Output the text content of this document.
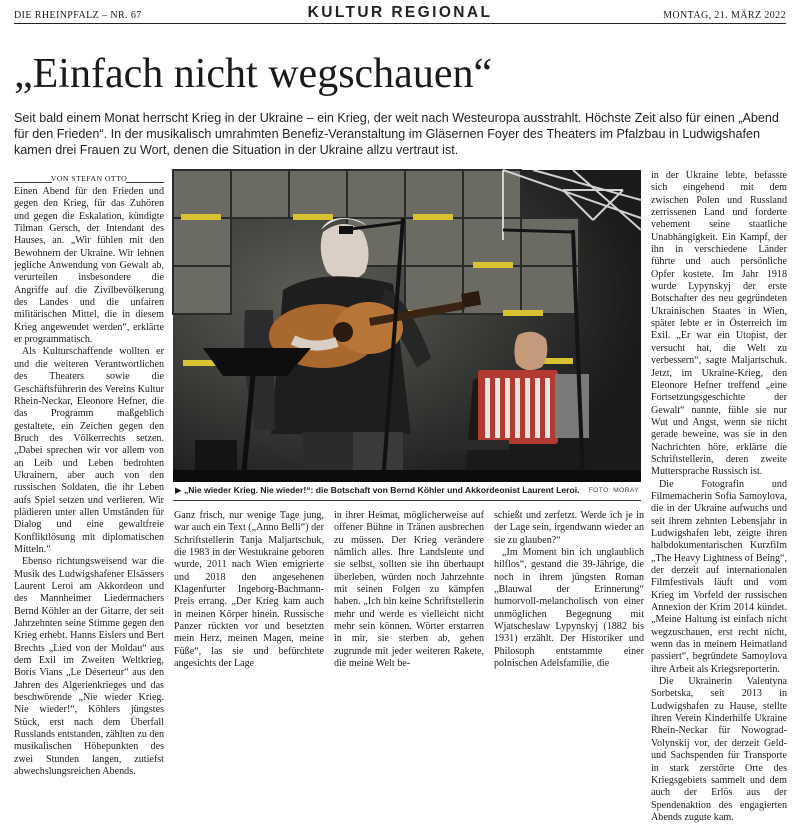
DIE RHEINPFALZ – NR. 67	KULTUR REGIONAL	MONTAG, 21. MÄRZ 2022
„Einfach nicht wegschauen“

Seit bald einem Monat herrscht Krieg in der Ukraine – ein Krieg, der weit nach Westeuropa ausstrahlt. Höchste Zeit also für einen „Abend für den Frieden“. In der musikalisch umrahmten Benefiz-Veranstaltung im Gläsernen Foyer des Theaters im Pfalzbau in Ludwigshafen kamen drei Frauen zu Wort, denen die Situation in der Ukraine allzu vertraut ist.

VON STEFAN OTTO

Einen Abend für den Frieden und gegen den Krieg, für das Zuhören und gegen die Eskalation, kündigte Tilman Gersch, der Intendant des Hauses, an. „Wir fühlen mit den Bewohnern der Ukraine. Wir lehnen jegliche Anwendung von Gewalt ab, verurteilen insbesondere die Angriffe auf die Zivilbevölkerung des Landes und die unfairen militärischen Mittel, die in diesem Krieg angewendet werden“, erklärte er programmatisch.

Als Kulturschaffende wollten er und die weiteren Verantwortlichen des Theaters sowie die Geschäftsführerin des Vereins Kultur Rhein-Neckar, Eleonore Hefner, die das Programm maßgeblich gestaltete, ein Zeichen gegen den Bruch des Völkerrechts setzen. „Dabei sprechen wir vor allem von an Leib und Leben bedrohten Ukrainern, aber auch von den russischen Soldaten, die ihr Leben aufs Spiel setzen und verlieren. Wir plädieren unter allen Umständen für Dialog und eine gewaltfreie Konfliktlösung mit diplomatischen Mitteln.“

Ebenso richtungsweisend war die Musik des Ludwigshafener Elsässers Laurent Leroi am Akkordeon und des Mannheimer Liedermachers Bernd Köhler an der Gitarre, der seit Jahrzehnten seine Stimme gegen den Krieg erhebt. Hanns Eislers und Bert Brechts „Lied von der Moldau“ aus dem Exil im Zweiten Weltkrieg, Boris Vians „Le Déserteur“ aus den Jahren des Algerienkrieges und das beschwörende „Nie wieder Krieg. Nie wieder!“, Köhlers jüngstes Stück, erst nach dem Überfall Russlands entstanden, zählten zu den musikalischen Höhepunkten des zwei Stunden langen, zutiefst abwechslungsreichen Abends.

▶ „Nie wieder Krieg. Nie wieder!“: die Botschaft von Bernd Köhler und Akkordeonist Laurent Leroi. FOTO: MORAY

Ganz frisch, nur wenige Tage jung, war auch ein Text („Anno Belli“) der Schriftstellerin Tanja Maljartschuk, die 1983 in der Westukraine geboren wurde, 2011 nach Wien emigrierte und 2018 den angesehenen Klagenfurter Ingeborg-Bachmann-Preis errang. „Der Krieg kam auch in meinen Körper hinein. Russische Panzer rückten vor und besetzten mein Herz, meinen Magen, meine Füße“, las sie und befürchtete angesichts der Lage

in ihrer Heimat, möglicherweise auf offener Bühne in Tränen ausbrechen zu müssen. Der Krieg verändere nämlich alles. Ihre Landsleute und sie selbst, sollten sie ihn überhaupt überleben, würden noch Jahrzehnte mit seinen Folgen zu kämpfen haben. „Ich bin keine Schriftstellerin mehr und werde es vielleicht nicht mehr sein können. Wörter erstarren in mir, sie sterben ab, gehen zugrunde mit jeder weiteren Rakete, die meine Welt be-

schießt und zerfetzt. Werde ich je in der Lage sein, irgendwann wieder an sie zu glauben?“

„Im Moment bin ich unglaublich hilflos“, gestand die 39-Jährige, die noch in ihrem jüngsten Roman „Blauwal der Erinnerung“ humorvoll-melancholisch von einer unmöglichen Begegnung mit Wjatscheslaw Lypynskyj (1882 bis 1931) erzählt. Der Historiker und Philosoph entstammte einer polnischen Adelsfamilie, die

in der Ukraine lebte, befasste sich eingehend mit dem zwischen Polen und Russland zerrissenen Land und forderte vehement seine staatliche Unabhängigkeit. Ein Kampf, der ihn in verschiedene Länder führte und auch persönliche Opfer kostete. Im Jahr 1918 wurde Lypynskyj der erste Botschafter des neu gegründeten Ukrainischen Staates in Wien, später lebte er in Österreich im Exil. „Er war ein Utopist, der versucht hat, die Welt zu verbessern“, sagte Maljartschuk. Jetzt, im Ukraine-Krieg, den Eleonore Hefner treffend „eine Fortsetzungsgeschichte der Gewalt“ nannte, fühle sie nur Wut und Angst, wenn sie nicht gerade beweine, was sie in den Nachrichten höre, erklärte die Schriftstellerin, deren zweite Muttersprache Russisch ist.

Die Fotografin und Filmemacherin Sofia Samoylova, die in der Ukraine aufwuchs und seit ihrem zehnten Lebensjahr in Ludwigshafen lebt, zeigte ihren halbdokumentarischen Kurzfilm „The Heavy Lightness of Being“, der derzeit auf internationalen Filmfestivals läuft und vom Krieg im Vorfeld der russischen Annexion der Krim 2014 kündet. „Meine Haltung ist einfach nicht wegzuschauen, erst recht nicht, wenn das in meinem Heimatland passiert“, begründete Samoylova ihre Arbeit als Kriegsreporterin.

Die Ukrainerin Valentyna Sorbetska, seit 2013 in Ludwigshafen zu Hause, stellte ihren Verein Kinderhilfe Ukraine Rhein-Neckar für Nowograd-Volynskij vor, der derzeit Geld- und Sachspenden für Transporte in stark zerstörte Orte des Kriegsgebiets sammelt und dem auch der Erlös aus der Spendenaktion des engagierten Abends zugute kam.
